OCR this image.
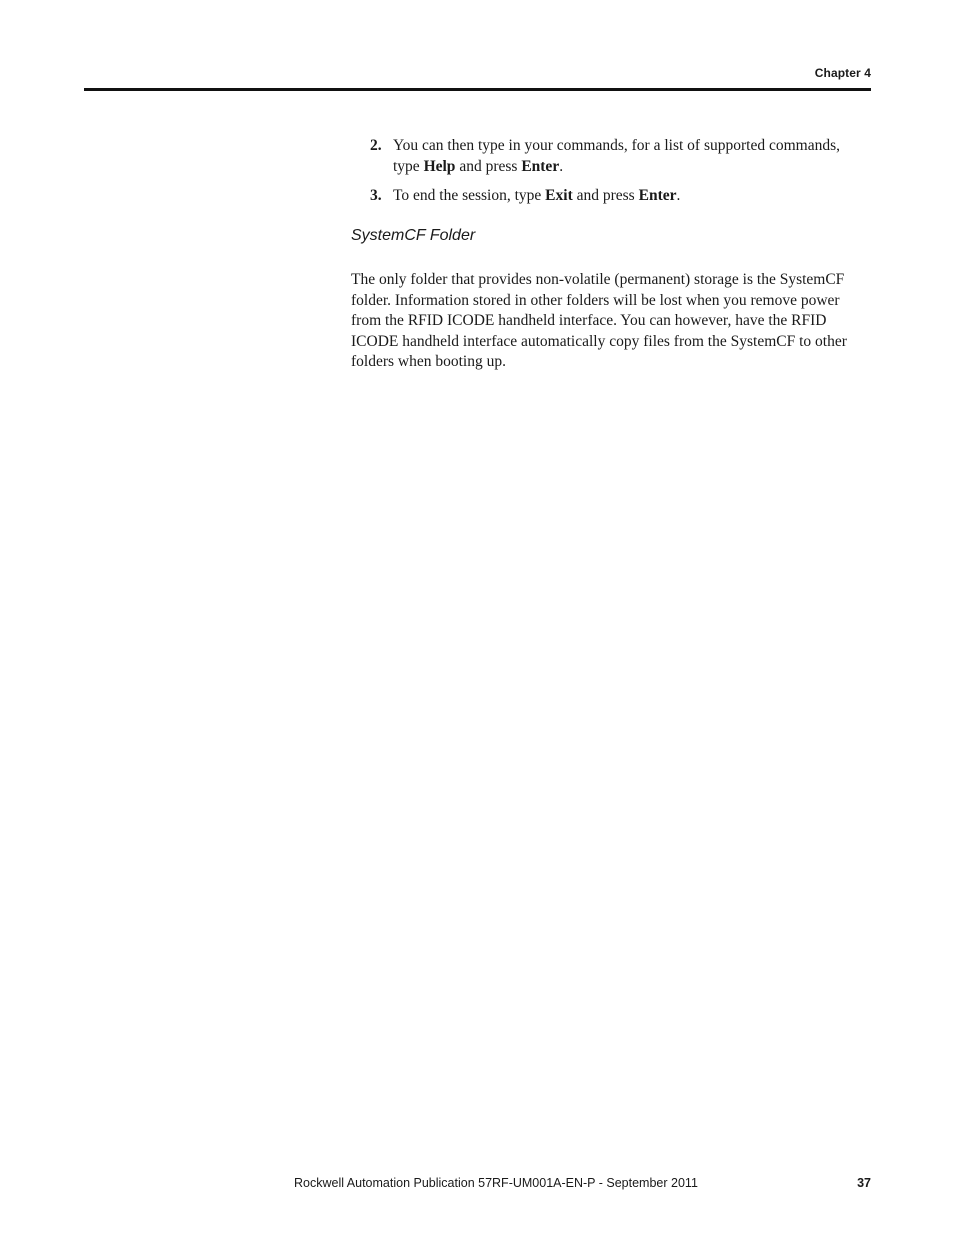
Chapter 4
2. You can then type in your commands, for a list of supported commands, type Help and press Enter.
3. To end the session, type Exit and press Enter.
SystemCF Folder

The only folder that provides non-volatile (permanent) storage is the SystemCF folder. Information stored in other folders will be lost when you remove power from the RFID ICODE handheld interface. You can however, have the RFID ICODE handheld interface automatically copy files from the SystemCF to other folders when booting up.

Rockwell Automation Publication 57RF-UM001A-EN-P - September 2011	37
